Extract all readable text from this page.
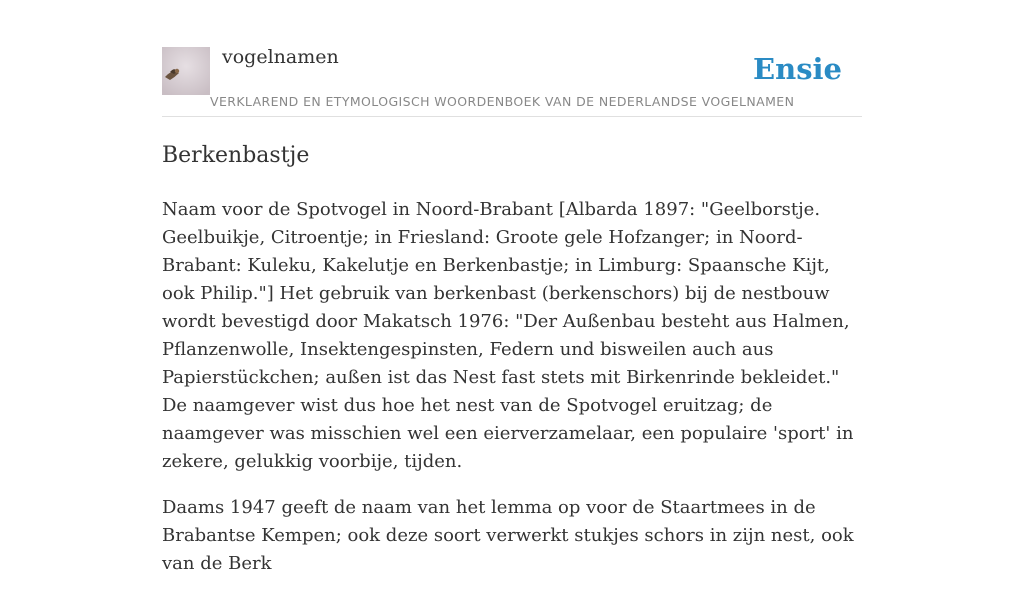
vogelnamen
VERKLAREND EN ETYMOLOGISCH WOORDENBOEK VAN DE NEDERLANDSE VOGELNAMEN
Ensie
Berkenbastje

Naam voor de Spotvogel in Noord-Brabant [Albarda 1897: "Geelborstje. Geelbuikje, Citroentje; in Friesland: Groote gele Hofzanger; in Noord-Brabant: Kuleku, Kakelutje en Berkenbastje; in Limburg: Spaansche Kijt, ook Philip."] Het gebruik van berkenbast (berkenschors) bij de nestbouw wordt bevestigd door Makatsch 1976: "Der Außenbau besteht aus Halmen, Pflanzenwolle, Insektengespinsten, Federn und bisweilen auch aus Papierstückchen; außen ist das Nest fast stets mit Birkenrinde bekleidet." De naamgever wist dus hoe het nest van de Spotvogel eruitzag; de naamgever was misschien wel een eierverzamelaar, een populaire 'sport' in zekere, gelukkig voorbije, tijden.

Daams 1947 geeft de naam van het lemma op voor de Staartmees in de Brabantse Kempen; ook deze soort verwerkt stukjes schors in zijn nest, ook van de Berk
